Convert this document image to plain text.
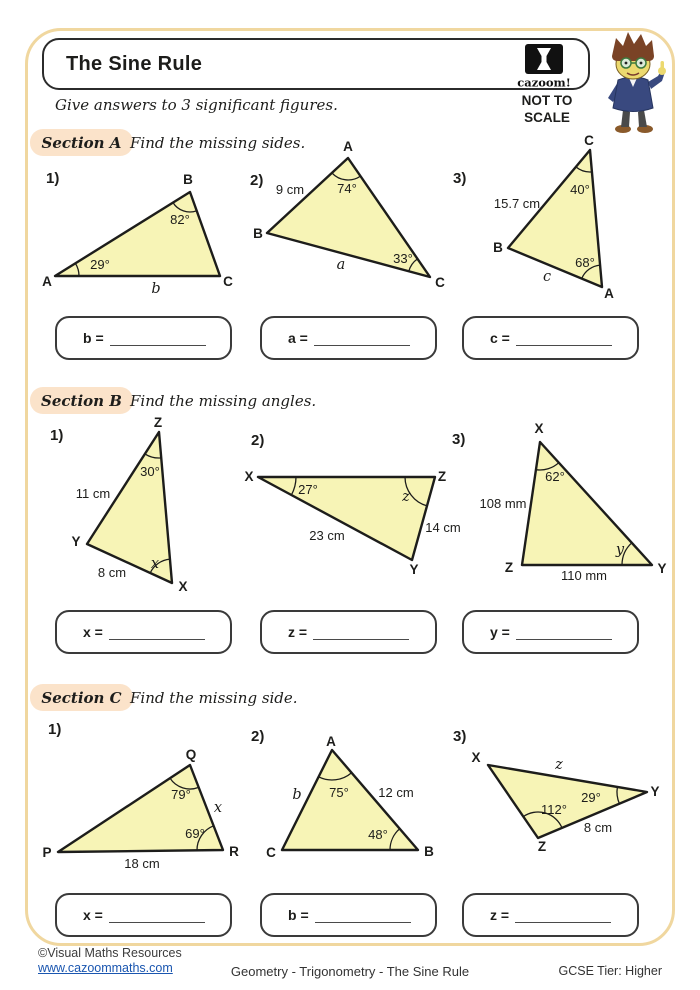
The Sine Rule
cazoom!
Give answers to 3 significant figures.	NOT TO
SCALE
Section A Find the missing sides.
1)
A
B
C
29°
82°
b
2)
A
B
C
74°
33°
9 cm
a
3)
C
B
A
40°
68°
15.7 cm
c
b =	a =	c =
Section B Find the missing angles.
1)
Z
Y
X
30°
x
11 cm
8 cm
2)
X	Z
Y
27°	z
23 cm
14 cm
3)
X
Z	Y
62°
y
108 mm
110 mm
x =	z =	y =
Section C Find the missing side.
1)
Q
P	R
79°
69°
x
18 cm
2)	A
C	B
75°
48°
b	12 cm
3)
X
Y
Z
112°
29°
z
8 cm
x =	b =	z =
©Visual Maths Resources
www.cazoommaths.com	Geometry - Trigonometry - The Sine Rule	GCSE Tier: Higher
